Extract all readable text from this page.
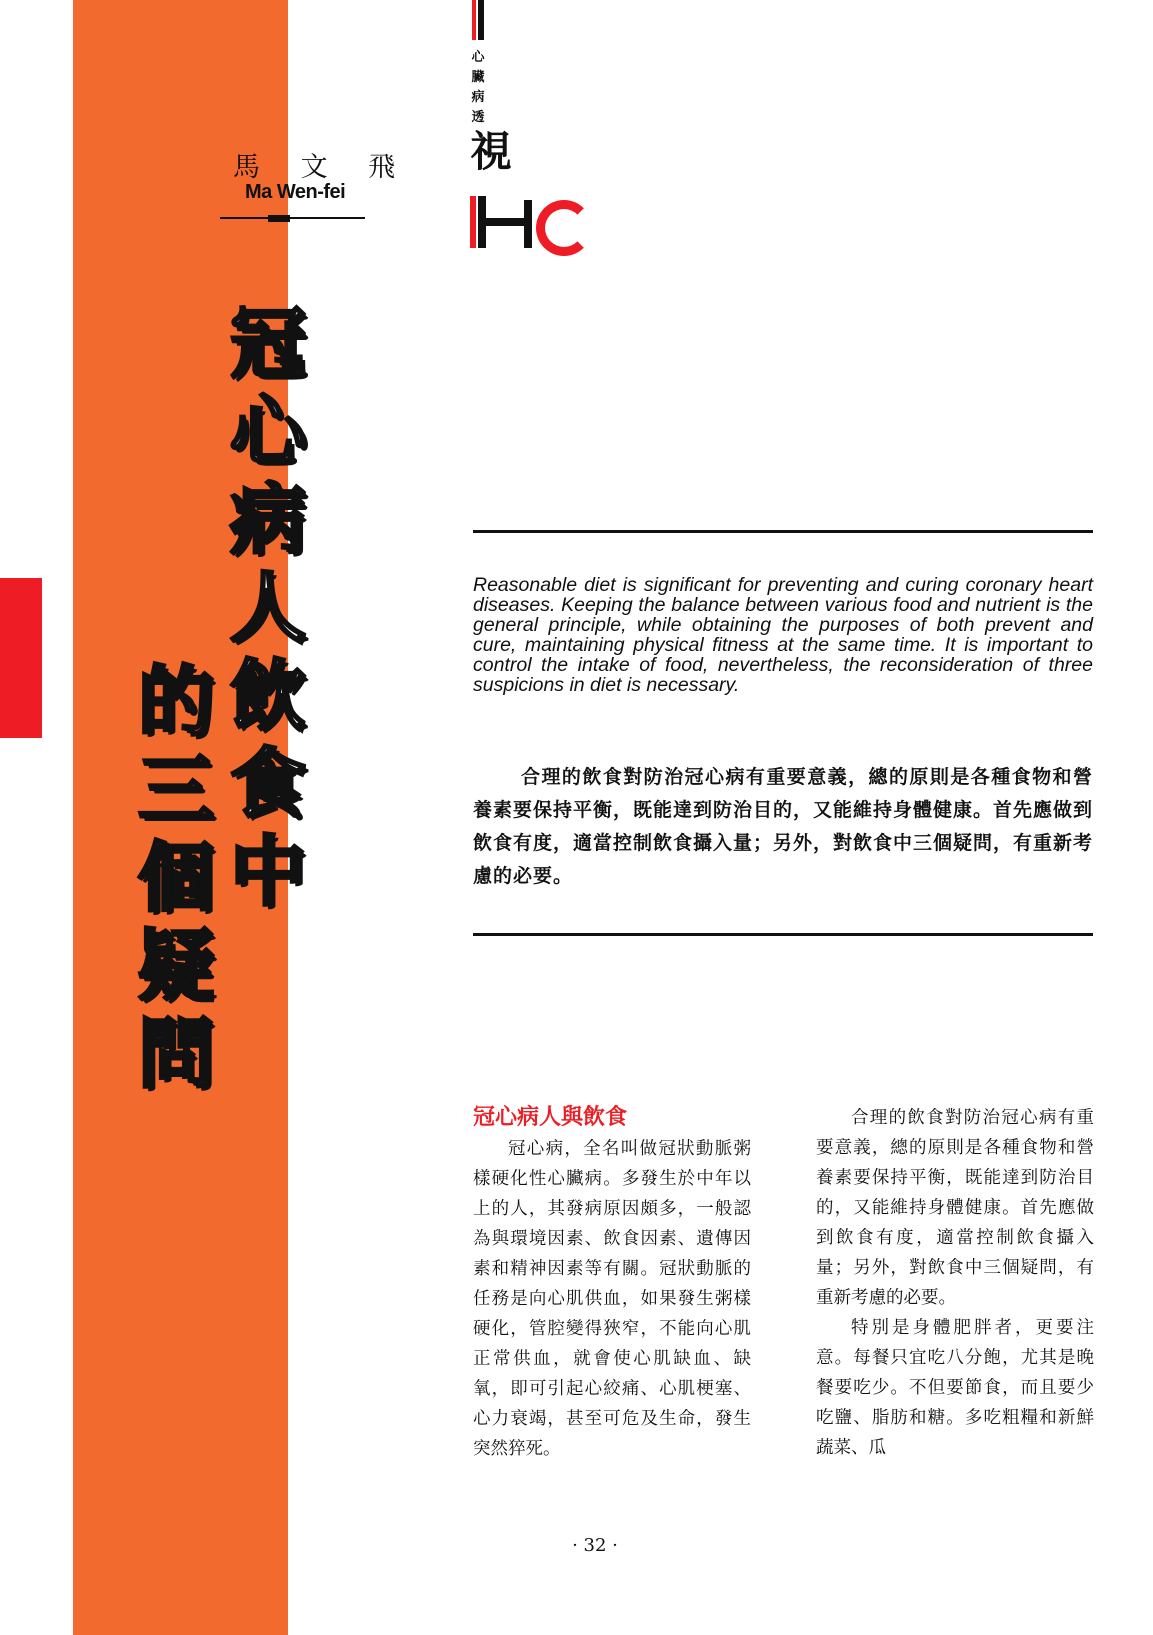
馬 文 飛
Ma Wen-fei
心
臟
病
透
視
冠
心
病
人
飲
食
中
的
三
個
疑
問
Reasonable diet is significant for preventing and curing coronary heart diseases. Keeping the balance between various food and nutrient is the general principle, while obtaining the purposes of both prevent and cure, maintaining physical fitness at the same time. It is important to control the intake of food, nevertheless, the reconsideration of three suspicions in diet is necessary.
合理的飲食對防治冠心病有重要意義，總的原則是各種食物和營養素要保持平衡，既能達到防治目的，又能維持身體健康。首先應做到飲食有度，適當控制飲食攝入量；另外，對飲食中三個疑問，有重新考慮的必要。
冠心病人與飲食

冠心病，全名叫做冠狀動脈粥樣硬化性心臟病。多發生於中年以上的人，其發病原因頗多，一般認為與環境因素、飲食因素、遺傳因素和精神因素等有關。冠狀動脈的任務是向心肌供血，如果發生粥樣硬化，管腔變得狹窄，不能向心肌正常供血，就會使心肌缺血、缺氧，即可引起心絞痛、心肌梗塞、心力衰竭，甚至可危及生命，發生突然猝死。

合理的飲食對防治冠心病有重要意義，總的原則是各種食物和營養素要保持平衡，既能達到防治目的，又能維持身體健康。首先應做到飲食有度，適當控制飲食攝入量；另外，對飲食中三個疑問，有重新考慮的必要。

特別是身體肥胖者，更要注意。每餐只宜吃八分飽，尤其是晚餐要吃少。不但要節食，而且要少吃鹽、脂肪和糖。多吃粗糧和新鮮蔬菜、瓜

· 32 ·
